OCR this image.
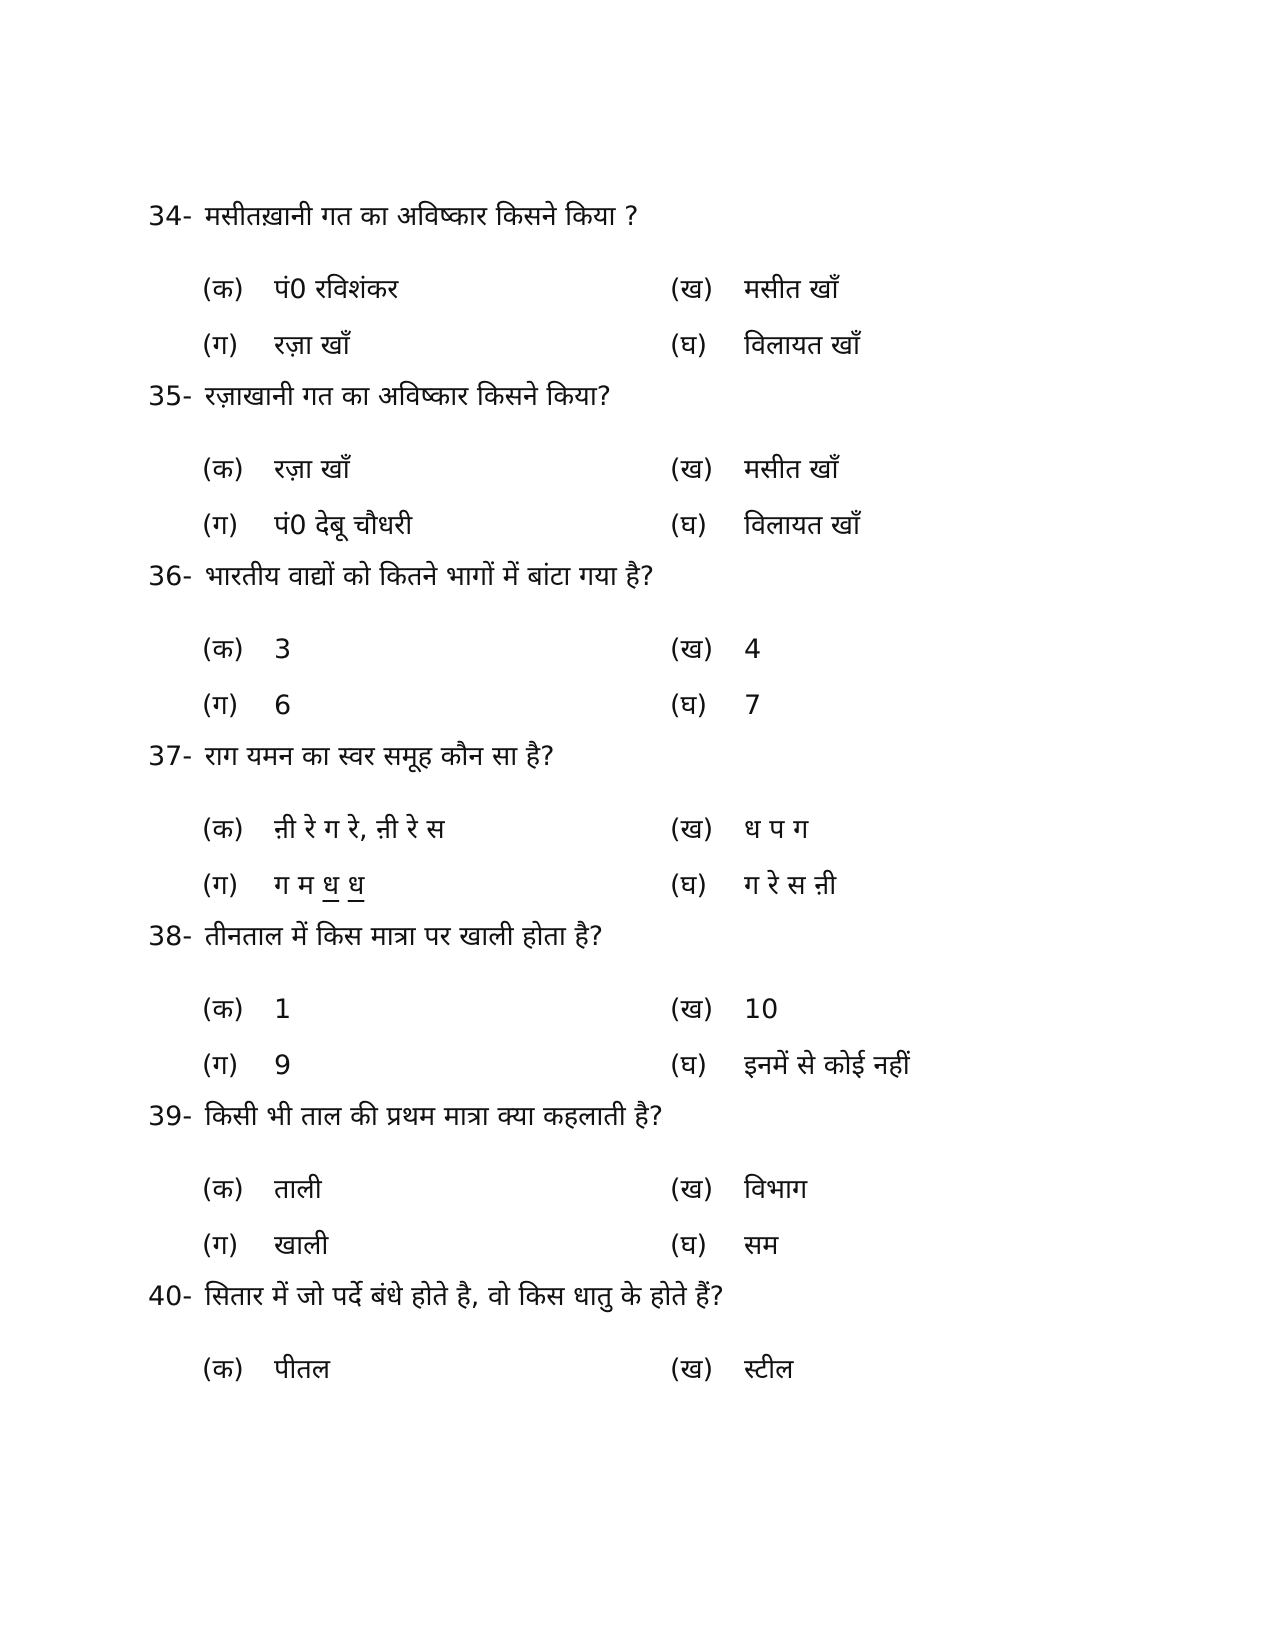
34- मसीतख़ानी गत का अविष्कार किसने किया ?
(क) पं0 रविशंकर	(ख) मसीत खाँ
(ग) रज़ा खाँ	(घ) विलायत खाँ
35- रज़ाखानी गत का अविष्कार किसने किया?
(क) रज़ा खाँ	(ख) मसीत खाँ
(ग) पं0 देबू चौधरी	(घ) विलायत खाँ
36- भारतीय वाद्यों को कितने भागों में बांटा गया है?
(क) 3	(ख) 4
(ग) 6	(घ) 7
37- राग यमन का स्वर समूह कौन सा है?
(क) ऩी रे ग रे, ऩी रे स	(ख) ध प ग
(ग) ग म ध ध	(घ) ग रे स ऩी
38- तीनताल में किस मात्रा पर खाली होता है?
(क) 1	(ख) 10
(ग) 9	(घ) इनमें से कोई नहीं
39- किसी भी ताल की प्रथम मात्रा क्या कहलाती है?
(क) ताली	(ख) विभाग
(ग) खाली	(घ) सम
40- सितार में जो पर्दे बंधे होते है, वो किस धातु के होते हैं?
(क) पीतल	(ख) स्टील
